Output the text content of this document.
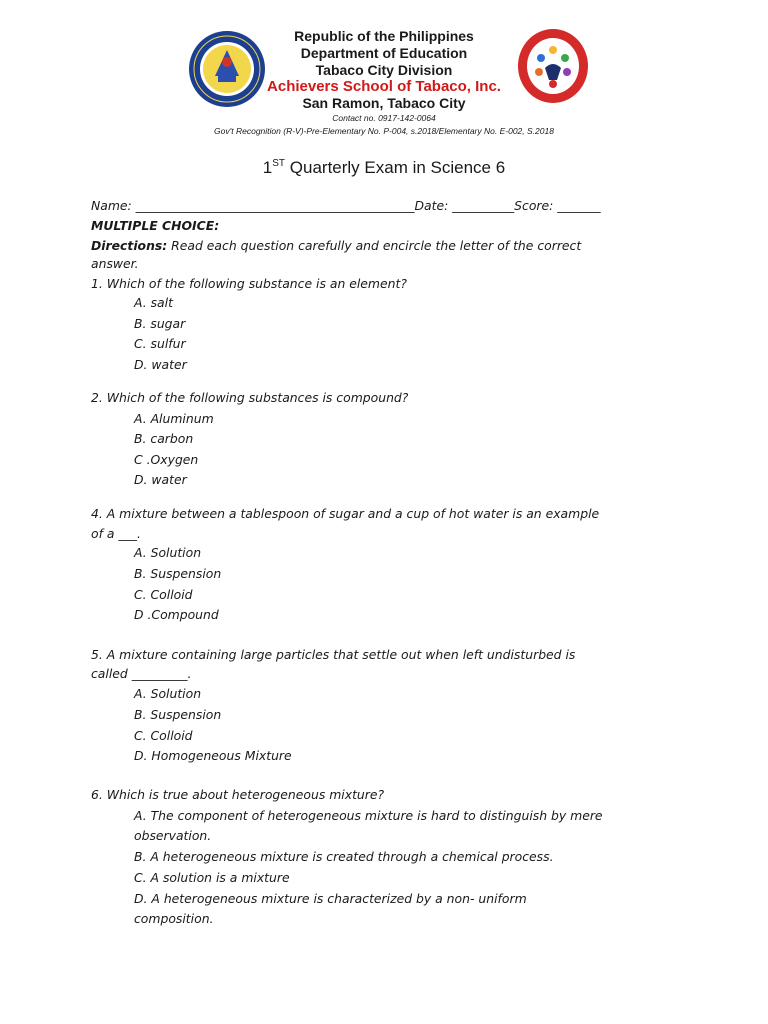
Republic of the Philippines
Department of Education
Tabaco City Division
Achievers School of Tabaco, Inc.
San Ramon, Tabaco City
Contact no. 0917-142-0064
Gov't Recognition (R-V)-Pre-Elementary No. P-004, s.2018/Elementary No. E-002, S.2018
1ST Quarterly Exam in Science 6
Name: _____________________________________________Date: __________Score: _______
MULTIPLE CHOICE:
Directions: Read each question carefully and encircle the letter of the correct
answer.
1. Which of the following substance is an element?
A. salt
B. sugar
C. sulfur
D. water
2. Which of the following substances is compound?
A. Aluminum
B. carbon
C .Oxygen
D. water
4. A mixture between a tablespoon of sugar and a cup of hot water is an example
of a ___.
A. Solution
B. Suspension
C. Colloid
D .Compound
5. A mixture containing large particles that settle out when left undisturbed is
called _________.
A. Solution
B. Suspension
C. Colloid
D. Homogeneous Mixture
6. Which is true about heterogeneous mixture?
A. The component of heterogeneous mixture is hard to distinguish by mere
observation.
B. A heterogeneous mixture is created through a chemical process.
C. A solution is a mixture
D. A heterogeneous mixture is characterized by a non- uniform
composition.
